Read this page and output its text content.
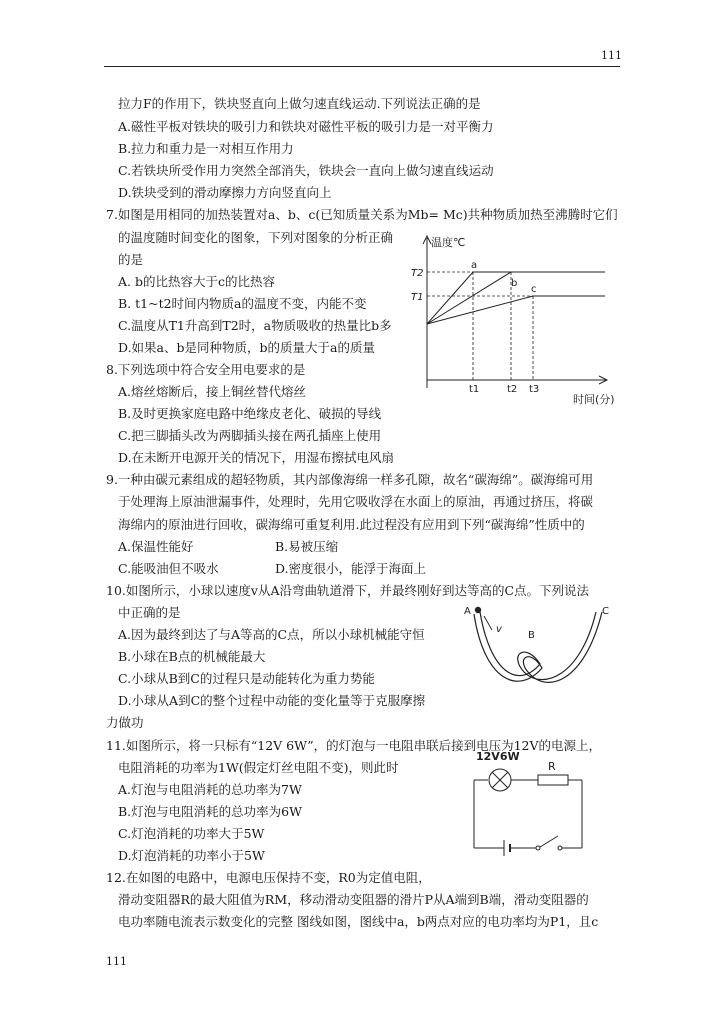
111
拉力F的作用下，铁块竖直向上做匀速直线运动.下列说法正确的是
A.磁性平板对铁块的吸引力和铁块对磁性平板的吸引力是一对平衡力
B.拉力和重力是一对相互作用力
C.若铁块所受作用力突然全部消失，铁块会一直向上做匀速直线运动
D.铁块受到的滑动摩擦力方向竖直向上
7.如图是用相同的加热装置对a、b、c(已知质量关系为Mb= Mc)共种物质加热至沸腾时它们
的温度随时间变化的图象，下列对图象的分析正确
的是
A. b的比热容大于c的比热容
B. t1~t2时间内物质a的温度不变，内能不变
C.温度从T1升高到T2时，a物质吸收的热量比b多
D.如果a、b是同种物质，b的质量大于a的质量
8.下列选项中符合安全用电要求的是
A.熔丝熔断后，接上铜丝替代熔丝
B.及时更换家庭电路中绝缘皮老化、破损的导线
C.把三脚插头改为两脚插头接在两孔插座上使用
D.在未断开电源开关的情况下，用湿布擦拭电风扇
9.一种由碳元素组成的超轻物质，其内部像海绵一样多孔隙，故名“碳海绵”。碳海绵可用
于处理海上原油泄漏事件，处理时，先用它吸收浮在水面上的原油，再通过挤压，将碳
海绵内的原油进行回收，碳海绵可重复利用.此过程没有应用到下列“碳海绵”性质中的
A.保温性能好	B.易被压缩
C.能吸油但不吸水	D.密度很小，能浮于海面上
10.如图所示，小球以速度v从A沿弯曲轨道滑下，并最终刚好到达等高的C点。下列说法
中正确的是
A.因为最终到达了与A等高的C点，所以小球机械能守恒
B.小球在B点的机械能最大
C.小球从B到C的过程只是动能转化为重力势能
D.小球从A到C的整个过程中动能的变化量等于克服摩擦
力做功
11.如图所示，将一只标有“12V 6W”，的灯泡与一电阻串联后接到电压为12V的电源上，
电阻消耗的功率为1W(假定灯丝电阻不变)，则此时
A.灯泡与电阻消耗的总功率为7W
B.灯泡与电阻消耗的总功率为6W
C.灯泡消耗的功率大于5W
D.灯泡消耗的功率小于5W
12.在如图的电路中，电源电压保持不变，R0为定值电阻，
滑动变阻器R的最大阻值为RM，移动滑动变阻器的滑片P从A端到B端，滑动变阻器的
电功率随电流表示数变化的完整 图线如图，图线中a，b两点对应的电功率均为P1，且c
111
温度℃
时间(分)
T2
T1
t1	t2 t3
a
b
c
A
v
B
C
12V6W
R
